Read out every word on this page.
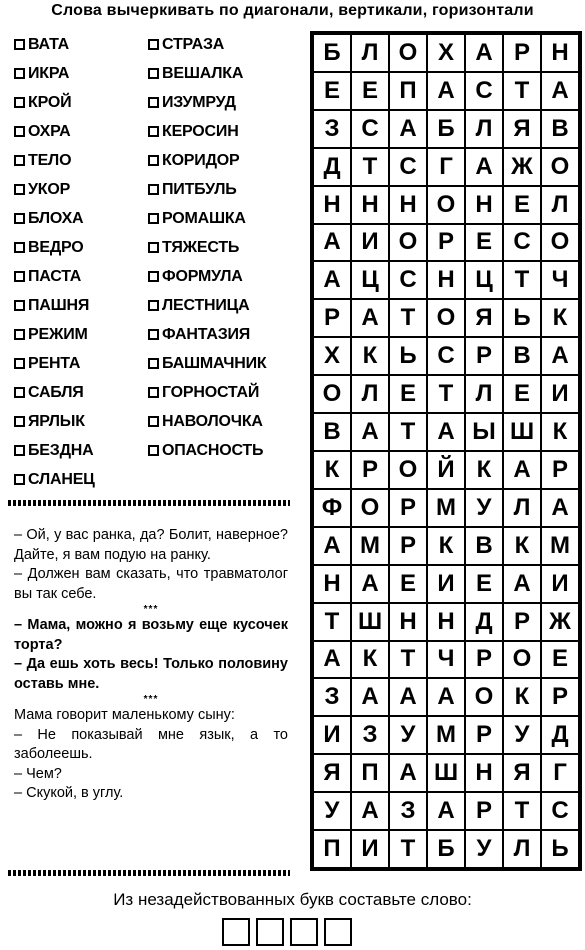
Слова вычеркивать по диагонали, вертикали, горизонтали
ВАТА
ИКРА
КРОЙ
ОХРА
ТЕЛО
УКОР
БЛОХА
ВЕДРО
ПАСТА
ПАШНЯ
РЕЖИМ
РЕНТА
САБЛЯ
ЯРЛЫК
БЕЗДНА
СЛАНЕЦ
СТРАЗА
ВЕШАЛКА
ИЗУМРУД
КЕРОСИН
КОРИДОР
ПИТБУЛЬ
РОМАШКА
ТЯЖЕСТЬ
ФОРМУЛА
ЛЕСТНИЦА
ФАНТАЗИЯ
БАШМАЧНИК
ГОРНОСТАЙ
НАВОЛОЧКА
ОПАСНОСТЬ

– Ой, у вас ранка, да? Болит, наверное? Дайте, я вам подую на ранку.

– Должен вам сказать, что травматолог вы так себе.

***

– Мама, можно я возьму еще кусочек торта?

– Да ешь хоть весь! Только половину оставь мне.

***

Мама говорит маленькому сыну:

– Не показывай мне язык, а то заболеешь.

– Чем?

– Скукой, в углу.

Б Л О Х А Р Н
Е Е П А С Т А
З С А Б Л Я В
Д Т С Г А Ж О
Н Н Н О Н Е Л
А И О Р Е С О
А Ц С Н Ц Т Ч
Р А Т О Я Ь К
Х К Ь С Р В А
О Л Е Т Л Е И
В А Т А Ы Ш К
К Р О Й К А Р
Ф О Р М У Л А
А М Р К В К М
Н А Е И Е А И
Т Ш Н Н Д Р Ж
А К Т Ч Р О Е
З А А А О К Р
И З У М Р У Д
Я П А Ш Н Я Г
У А З А Р Т С
П И Т Б У Л Ь
Из незадействованных букв составьте слово:
